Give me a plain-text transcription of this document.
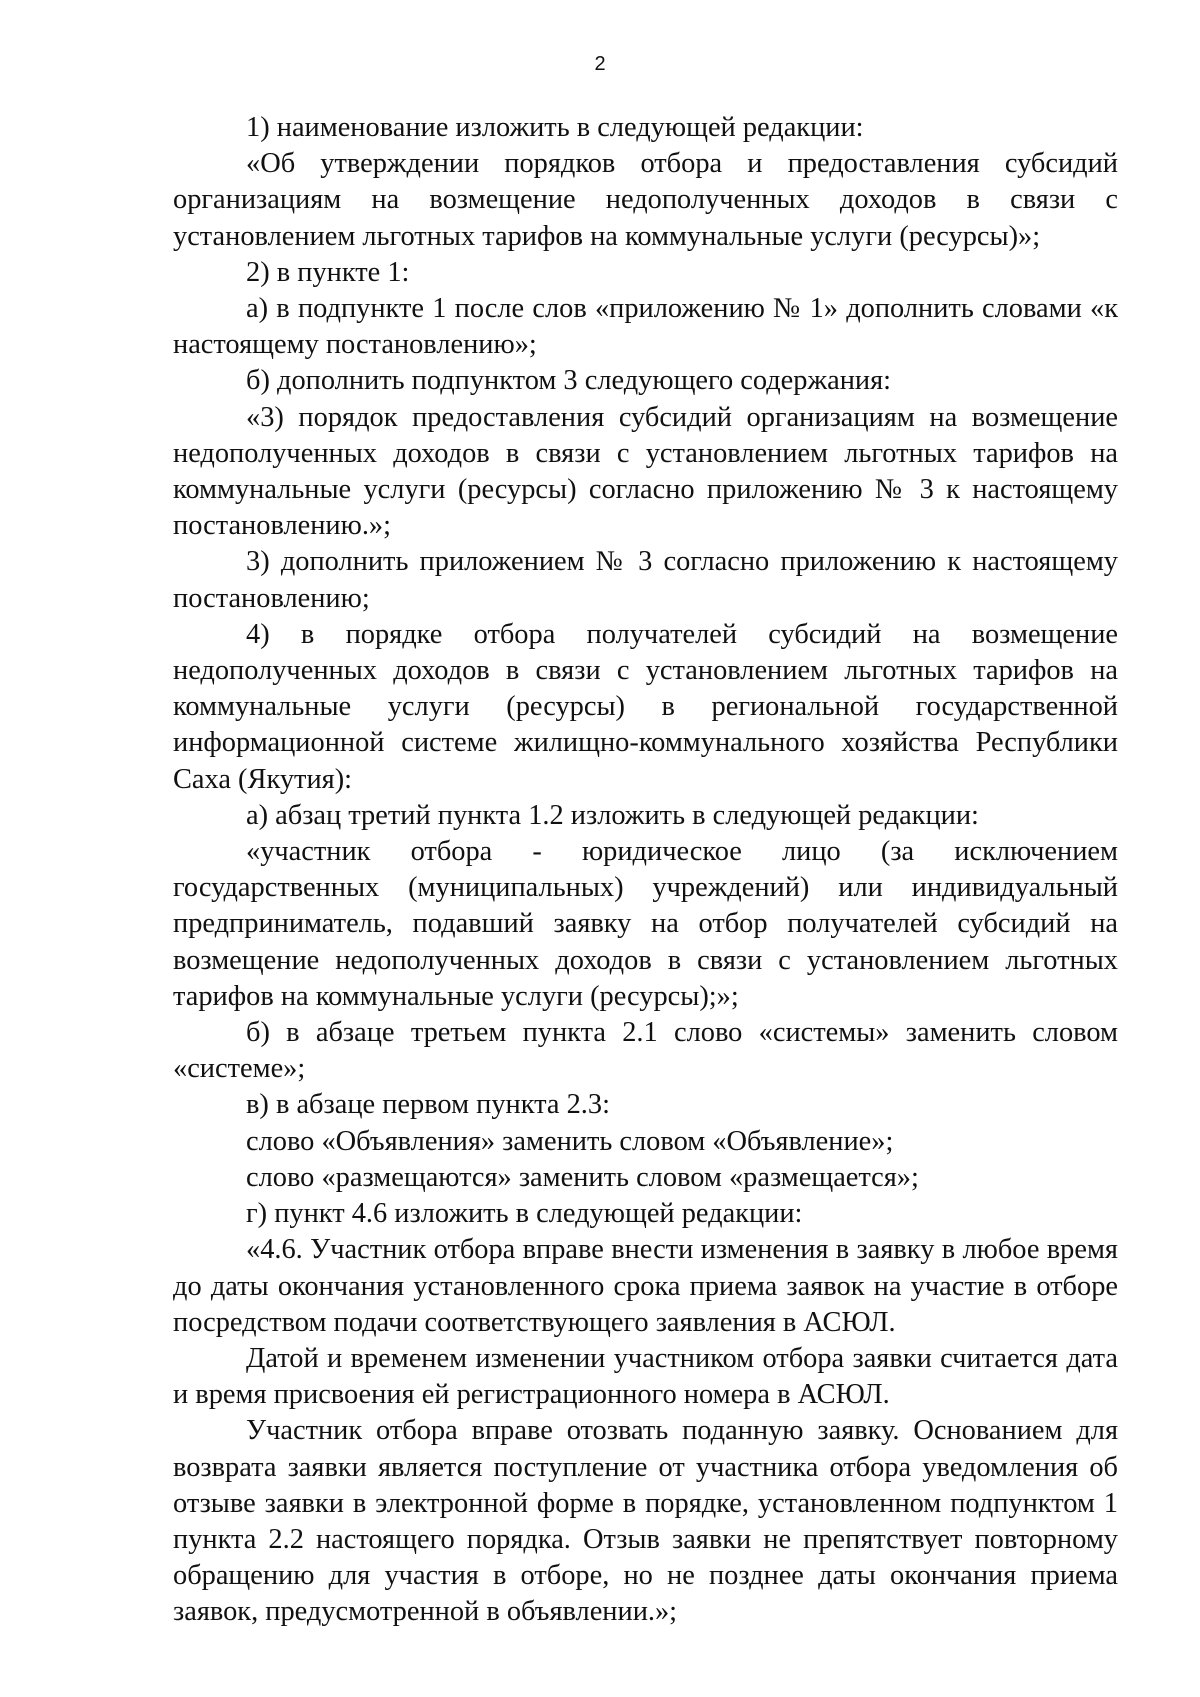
2

1) наименование изложить в следующей редакции:

«Об утверждении порядков отбора и предоставления субсидий организациям на возмещение недополученных доходов в связи с установлением льготных тарифов на коммунальные услуги (ресурсы)»;

2) в пункте 1:

а) в подпункте 1 после слов «приложению № 1» дополнить словами «к настоящему постановлению»;

б) дополнить подпунктом 3 следующего содержания:

«3) порядок предоставления субсидий организациям на возмещение недополученных доходов в связи с установлением льготных тарифов на коммунальные услуги (ресурсы) согласно приложению № 3 к настоящему постановлению.»;

3) дополнить приложением № 3 согласно приложению к настоящему постановлению;

4) в порядке отбора получателей субсидий на возмещение недополученных доходов в связи с установлением льготных тарифов на коммунальные услуги (ресурсы) в региональной государственной информационной системе жилищно-коммунального хозяйства Республики Саха (Якутия):

а) абзац третий пункта 1.2 изложить в следующей редакции:

«участник отбора - юридическое лицо (за исключением государственных (муниципальных) учреждений) или индивидуальный предприниматель, подавший заявку на отбор получателей субсидий на возмещение недополученных доходов в связи с установлением льготных тарифов на коммунальные услуги (ресурсы);»;

б) в абзаце третьем пункта 2.1 слово «системы» заменить словом «системе»;

в) в абзаце первом пункта 2.3:

слово «Объявления» заменить словом «Объявление»;

слово «размещаются» заменить словом «размещается»;

г) пункт 4.6 изложить в следующей редакции:

«4.6. Участник отбора вправе внести изменения в заявку в любое время до даты окончания установленного срока приема заявок на участие в отборе посредством подачи соответствующего заявления в АСЮЛ.

Датой и временем изменении участником отбора заявки считается дата и время присвоения ей регистрационного номера в АСЮЛ.

Участник отбора вправе отозвать поданную заявку. Основанием для возврата заявки является поступление от участника отбора уведомления об отзыве заявки в электронной форме в порядке, установленном подпунктом 1 пункта 2.2 настоящего порядка. Отзыв заявки не препятствует повторному обращению для участия в отборе, но не позднее даты окончания приема заявок, предусмотренной в объявлении.»;
